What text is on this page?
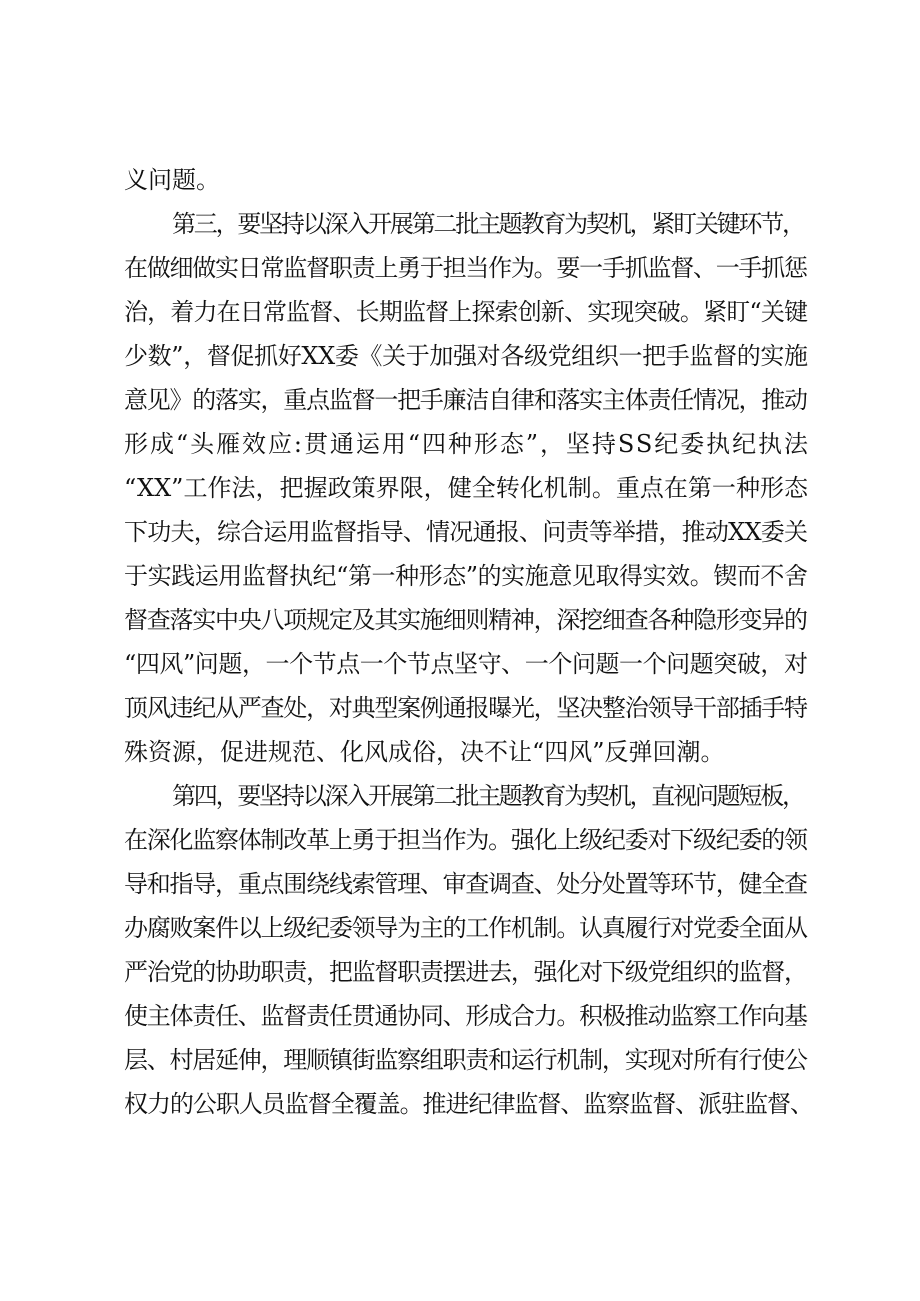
义问题。
第三，要坚持以深入开展第二批主题教育为契机，紧盯关键环节，
在做细做实日常监督职责上勇于担当作为。要一手抓监督、一手抓惩
治，着力在日常监督、长期监督上探索创新、实现突破。紧盯“关键
少数”，督促抓好XX委《关于加强对各级党组织一把手监督的实施
意见》的落实，重点监督一把手廉洁自律和落实主体责任情况，推动
形成“头雁效应:贯通运用“四种形态”，坚持SS纪委执纪执法
“XX”工作法，把握政策界限，健全转化机制。重点在第一种形态
下功夫，综合运用监督指导、情况通报、问责等举措，推动XX委关
于实践运用监督执纪“第一种形态”的实施意见取得实效。锲而不舍
督查落实中央八项规定及其实施细则精神，深挖细查各种隐形变异的
“四风”问题，一个节点一个节点坚守、一个问题一个问题突破，对
顶风违纪从严查处，对典型案例通报曝光，坚决整治领导干部插手特
殊资源，促进规范、化风成俗，决不让“四风”反弹回潮。
第四，要坚持以深入开展第二批主题教育为契机，直视问题短板，
在深化监察体制改革上勇于担当作为。强化上级纪委对下级纪委的领
导和指导，重点围绕线索管理、审查调查、处分处置等环节，健全查
办腐败案件以上级纪委领导为主的工作机制。认真履行对党委全面从
严治党的协助职责，把监督职责摆进去，强化对下级党组织的监督，
使主体责任、监督责任贯通协同、形成合力。积极推动监察工作向基
层、村居延伸，理顺镇街监察组职责和运行机制，实现对所有行使公
权力的公职人员监督全覆盖。推进纪律监督、监察监督、派驻监督、
